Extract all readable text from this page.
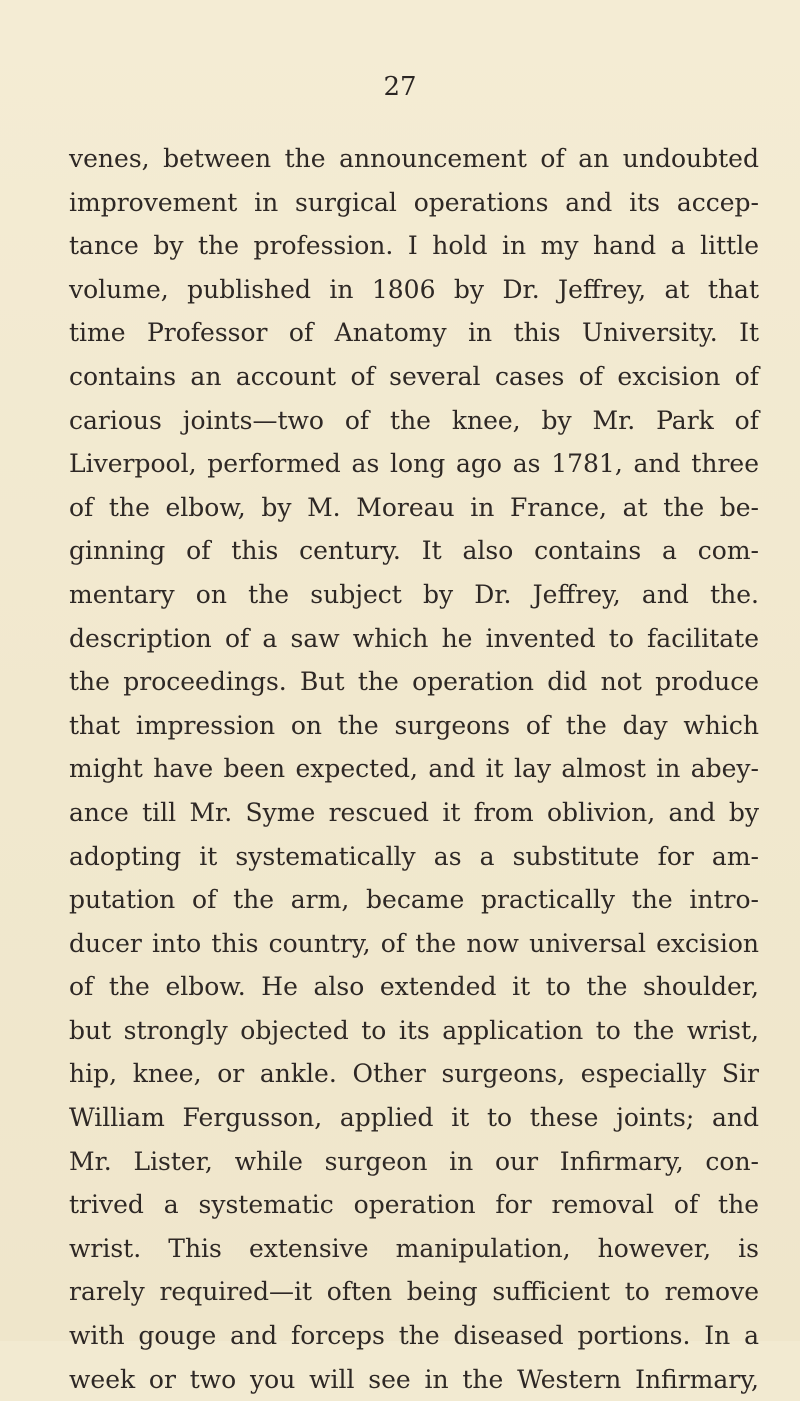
27
venes, between the announcement of an undoubted
improvement in surgical operations and its accep-
tance by the profession. I hold in my hand a little
volume, published in 1806 by Dr. Jeffrey, at that
time Professor of Anatomy in this University. It
contains an account of several cases of excision of
carious joints—two of the knee, by Mr. Park of
Liverpool, performed as long ago as 1781, and three
of the elbow, by M. Moreau in France, at the be-
ginning of this century. It also contains a com-
mentary on the subject by Dr. Jeffrey, and the.
description of a saw which he invented to facilitate
the proceedings. But the operation did not produce
that impression on the surgeons of the day which
might have been expected, and it lay almost in abey-
ance till Mr. Syme rescued it from oblivion, and by
adopting it systematically as a substitute for am-
putation of the arm, became practically the intro-
ducer into this country, of the now universal excision
of the elbow. He also extended it to the shoulder,
but strongly objected to its application to the wrist,
hip, knee, or ankle. Other surgeons, especially Sir
William Fergusson, applied it to these joints; and
Mr. Lister, while surgeon in our Infirmary, con-
trived a systematic operation for removal of the
wrist. This extensive manipulation, however, is
rarely required—it often being sufficient to remove
with gouge and forceps the diseased portions. In a
week or two you will see in the Western Infirmary,
